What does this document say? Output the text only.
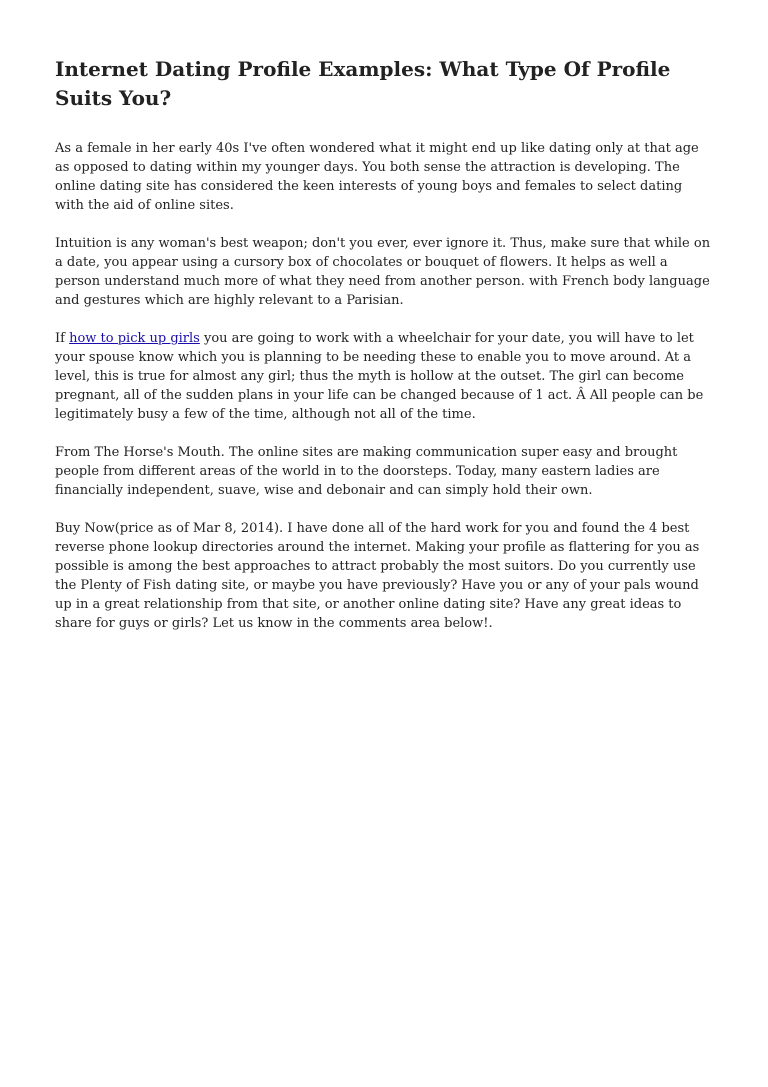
Internet Dating Profile Examples: What Type Of Profile Suits You?

As a female in her early 40s I've often wondered what it might end up like dating only at that age as opposed to dating within my younger days. You both sense the attraction is developing. The online dating site has considered the keen interests of young boys and females to select dating with the aid of online sites.

Intuition is any woman's best weapon; don't you ever, ever ignore it. Thus, make sure that while on a date, you appear using a cursory box of chocolates or bouquet of flowers. It helps as well a person understand much more of what they need from another person. with French body language and gestures which are highly relevant to a Parisian.

If how to pick up girls you are going to work with a wheelchair for your date, you will have to let your spouse know which you is planning to be needing these to enable you to move around. At a level, this is true for almost any girl; thus the myth is hollow at the outset. The girl can become pregnant, all of the sudden plans in your life can be changed because of 1 act. Â All people can be legitimately busy a few of the time, although not all of the time.

From The Horse's Mouth. The online sites are making communication super easy and brought people from different areas of the world in to the doorsteps. Today, many eastern ladies are financially independent, suave, wise and debonair and can simply hold their own.

Buy Now(price as of Mar 8, 2014). I have done all of the hard work for you and found the 4 best reverse phone lookup directories around the internet. Making your profile as flattering for you as possible is among the best approaches to attract probably the most suitors. Do you currently use the Plenty of Fish dating site, or maybe you have previously? Have you or any of your pals wound up in a great relationship from that site, or another online dating site? Have any great ideas to share for guys or girls? Let us know in the comments area below!.
